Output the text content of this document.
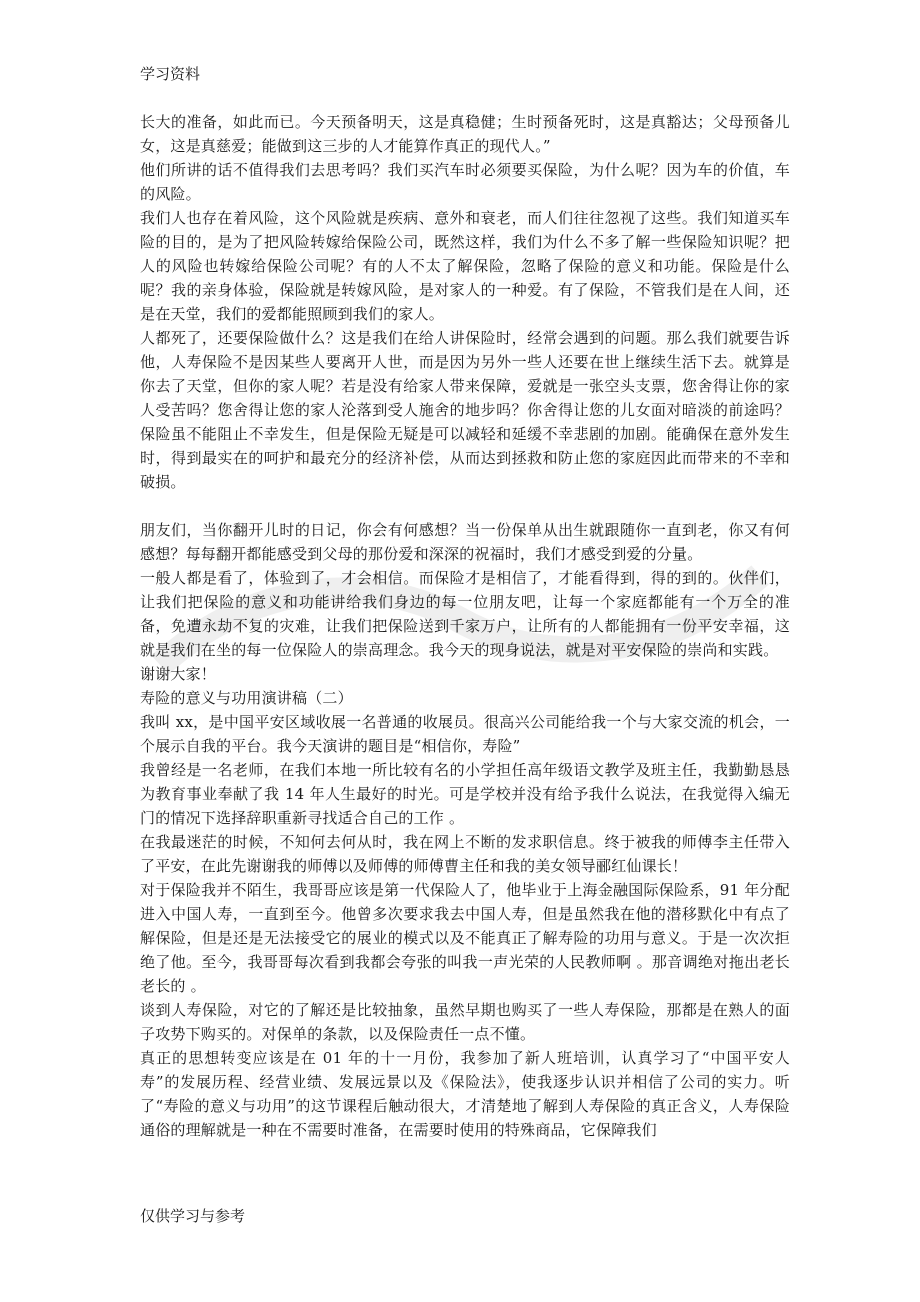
学习资料

长大的准备，如此而已。今天预备明天，这是真稳健；生时预备死时，这是真豁达；父母预备儿女，这是真慈爱；能做到这三步的人才能算作真正的现代人。”

他们所讲的话不值得我们去思考吗？我们买汽车时必须要买保险，为什么呢？因为车的价值，车的风险。

我们人也存在着风险，这个风险就是疾病、意外和衰老，而人们往往忽视了这些。我们知道买车险的目的，是为了把风险转嫁给保险公司，既然这样，我们为什么不多了解一些保险知识呢？把人的风险也转嫁给保险公司呢？有的人不太了解保险，忽略了保险的意义和功能。保险是什么呢？我的亲身体验，保险就是转嫁风险，是对家人的一种爱。有了保险，不管我们是在人间，还是在天堂，我们的爱都能照顾到我们的家人。

人都死了，还要保险做什么？这是我们在给人讲保险时，经常会遇到的问题。那么我们就要告诉他，人寿保险不是因某些人要离开人世，而是因为另外一些人还要在世上继续生活下去。就算是你去了天堂，但你的家人呢？若是没有给家人带来保障，爱就是一张空头支票，您舍得让你的家人受苦吗？您舍得让您的家人沦落到受人施舍的地步吗？你舍得让您的儿女面对暗淡的前途吗？保险虽不能阻止不幸发生，但是保险无疑是可以减轻和延缓不幸悲剧的加剧。能确保在意外发生时，得到最实在的呵护和最充分的经济补偿，从而达到拯救和防止您的家庭因此而带来的不幸和破损。

朋友们，当你翻开儿时的日记，你会有何感想？当一份保单从出生就跟随你一直到老，你又有何感想？每每翻开都能感受到父母的那份爱和深深的祝福时，我们才感受到爱的分量。

一般人都是看了，体验到了，才会相信。而保险才是相信了，才能看得到，得的到的。伙伴们，让我们把保险的意义和功能讲给我们身边的每一位朋友吧，让每一个家庭都能有一个万全的准备，免遭永劫不复的灾难，让我们把保险送到千家万户，让所有的人都能拥有一份平安幸福，这就是我们在坐的每一位保险人的崇高理念。我今天的现身说法，就是对平安保险的崇尚和实践。

谢谢大家！

寿险的意义与功用演讲稿（二）

我叫 xx，是中国平安区域收展一名普通的收展员。很高兴公司能给我一个与大家交流的机会，一个展示自我的平台。我今天演讲的题目是“相信你，寿险”

我曾经是一名老师，在我们本地一所比较有名的小学担任高年级语文教学及班主任，我勤勤恳恳为教育事业奉献了我 14 年人生最好的时光。可是学校并没有给予我什么说法，在我觉得入编无门的情况下选择辞职重新寻找适合自己的工作 。

在我最迷茫的时候，不知何去何从时，我在网上不断的发求职信息。终于被我的师傅李主任带入了平安，在此先谢谢我的师傅以及师傅的师傅曹主任和我的美女领导郦红仙课长！

对于保险我并不陌生，我哥哥应该是第一代保险人了，他毕业于上海金融国际保险系，91 年分配进入中国人寿，一直到至今。他曾多次要求我去中国人寿，但是虽然我在他的潜移默化中有点了解保险，但是还是无法接受它的展业的模式以及不能真正了解寿险的功用与意义。于是一次次拒绝了他。至今，我哥哥每次看到我都会夸张的叫我一声光荣的人民教师啊 。那音调绝对拖出老长老长的 。

谈到人寿保险，对它的了解还是比较抽象，虽然早期也购买了一些人寿保险，那都是在熟人的面子攻势下购买的。对保单的条款，以及保险责任一点不懂。

真正的思想转变应该是在 01 年的十一月份，我参加了新人班培训，认真学习了“中国平安人寿”的发展历程、经营业绩、发展远景以及《保险法》，使我逐步认识并相信了公司的实力。听了“寿险的意义与功用”的这节课程后触动很大，才清楚地了解到人寿保险的真正含义，人寿保险通俗的理解就是一种在不需要时准备，在需要时使用的特殊商品，它保障我们

仅供学习与参考
